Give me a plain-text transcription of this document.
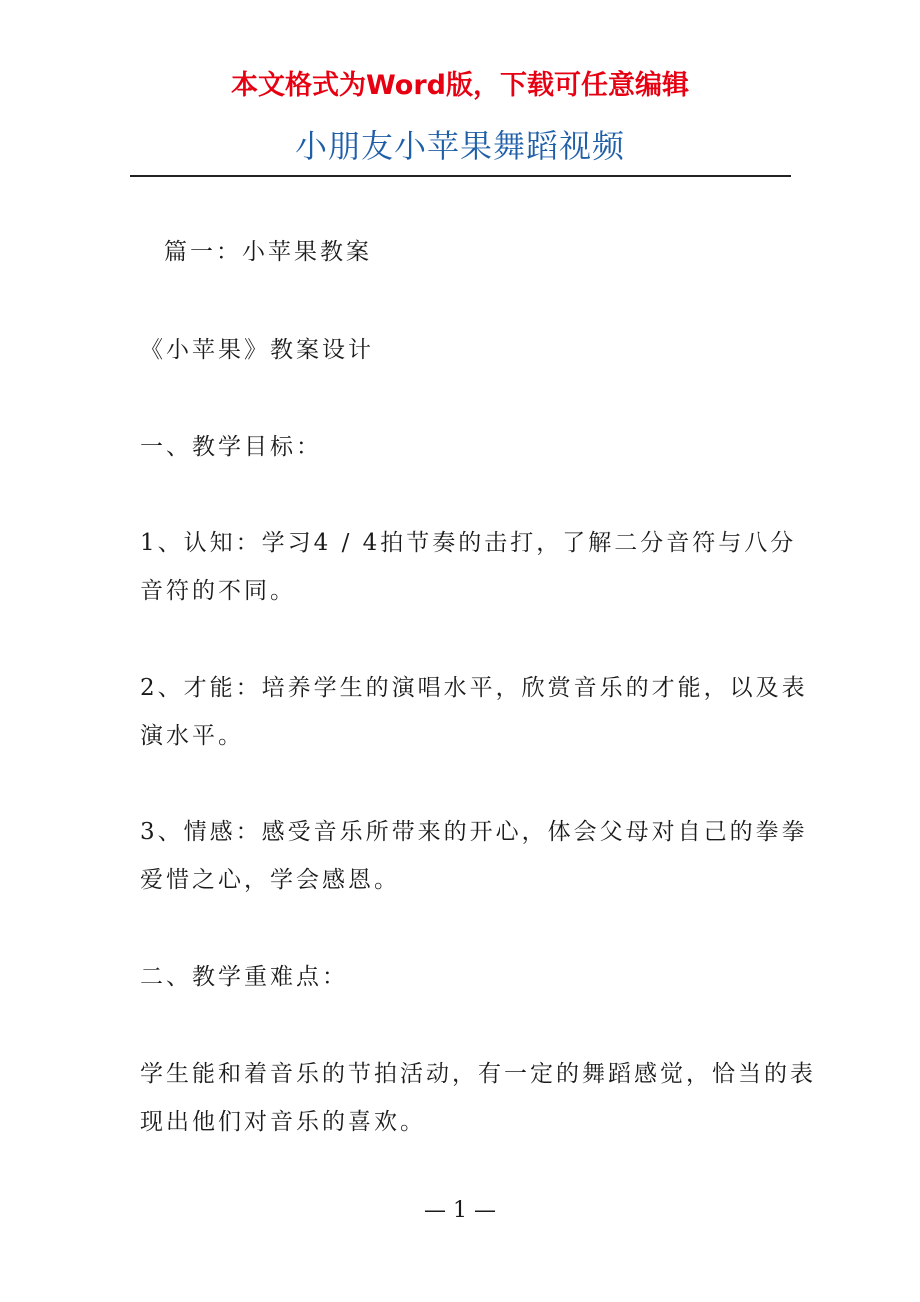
本文格式为Word版，下载可任意编辑
小朋友小苹果舞蹈视频
篇一：小苹果教案
《小苹果》教案设计
一、教学目标：
1、认知：学习4 / 4拍节奏的击打，了解二分音符与八分
音符的不同。
2、才能：培养学生的演唱水平，欣赏音乐的才能，以及表
演水平。
3、情感：感受音乐所带来的开心，体会父母对自己的拳拳
爱惜之心，学会感恩。
二、教学重难点：
学生能和着音乐的节拍活动，有一定的舞蹈感觉，恰当的表
现出他们对音乐的喜欢。
— 1 —
